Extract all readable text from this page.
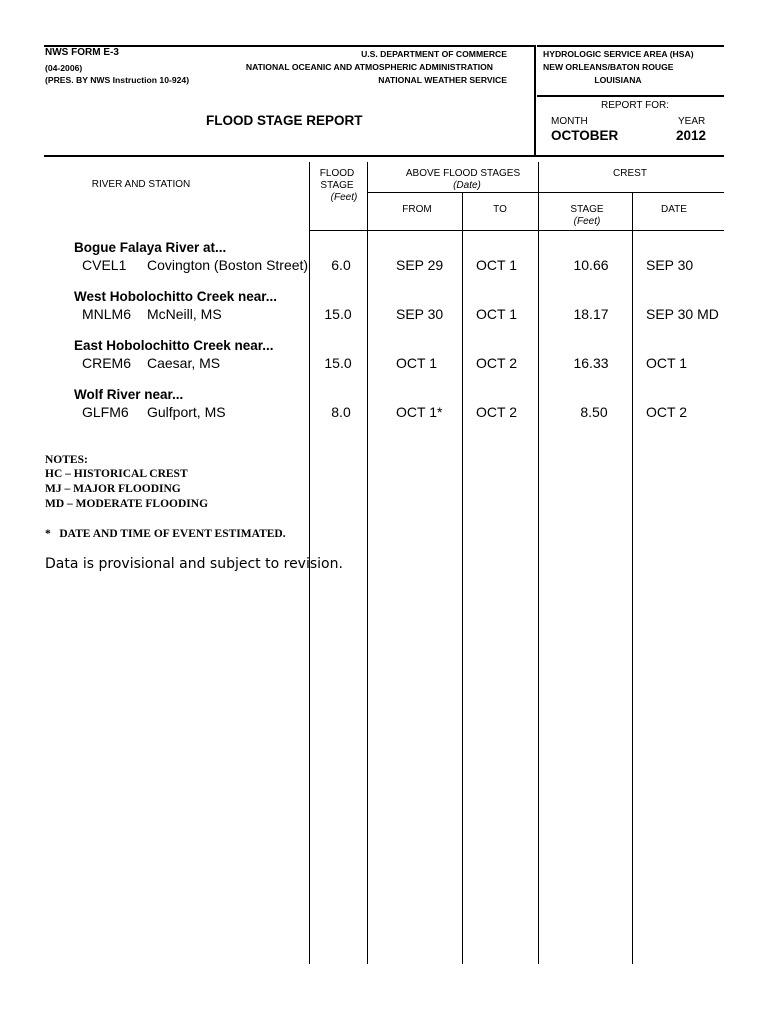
NWS FORM E-3
(04-2006)
(PRES. BY NWS Instruction 10-924)
U.S. DEPARTMENT OF COMMERCE
NATIONAL OCEANIC AND ATMOSPHERIC ADMINISTRATION
NATIONAL WEATHER SERVICE
HYDROLOGIC SERVICE AREA (HSA)
NEW ORLEANS/BATON ROUGE
LOUISIANA
FLOOD STAGE REPORT
REPORT FOR:
MONTH	YEAR
OCTOBER	2012
RIVER AND STATION
FLOOD
STAGE
(Feet)
ABOVE FLOOD STAGES
(Date)
FROM	TO
CREST
STAGE
(Feet)
DATE
Bogue Falaya River at...
CVEL1 Covington (Boston Street) 6.0	SEP 29 OCT 1	10.66	SEP 30
West Hobolochitto Creek near...
MNLM6 McNeill, MS	15.0	SEP 30 OCT 1	18.17	SEP 30 MD
East Hobolochitto Creek near...
CREM6 Caesar, MS	15.0	OCT 1	OCT 2	16.33	OCT 1
Wolf River near...
GLFM6 Gulfport, MS	8.0	OCT 1* OCT 2	8.50	OCT 2
NOTES:
HC – HISTORICAL CREST
MJ – MAJOR FLOODING
MD – MODERATE FLOODING
*   DATE AND TIME OF EVENT ESTIMATED.
Data is provisional and subject to revision.
